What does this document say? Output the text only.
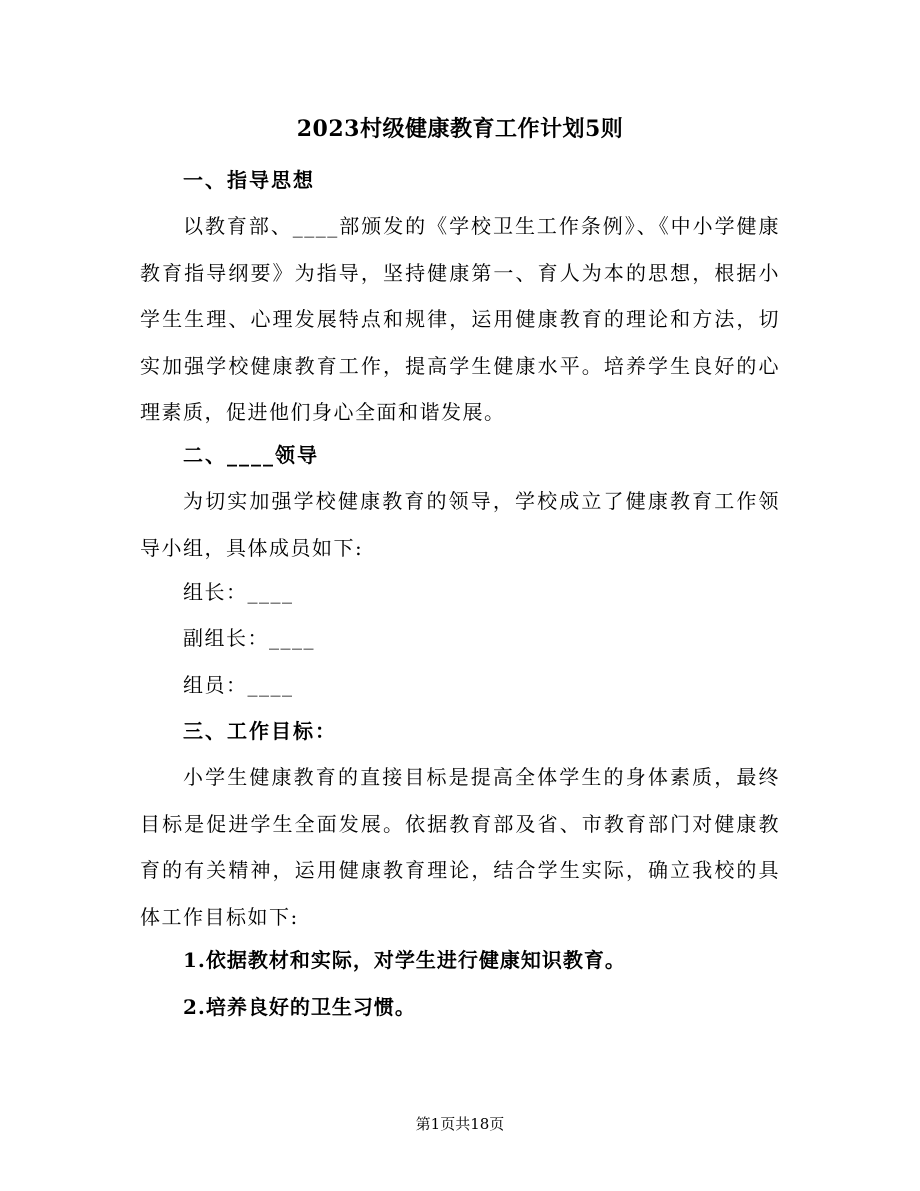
2023村级健康教育工作计划5则
一、指导思想
以教育部、____部颁发的《学校卫生工作条例》、《中小学健康教育指导纲要》为指导，坚持健康第一、育人为本的思想，根据小学生生理、心理发展特点和规律，运用健康教育的理论和方法，切实加强学校健康教育工作，提高学生健康水平。培养学生良好的心理素质，促进他们身心全面和谐发展。
二、____领导
为切实加强学校健康教育的领导，学校成立了健康教育工作领导小组，具体成员如下:
组长：____
副组长：____
组员：____
三、工作目标：
小学生健康教育的直接目标是提高全体学生的身体素质，最终目标是促进学生全面发展。依据教育部及省、市教育部门对健康教育的有关精神，运用健康教育理论，结合学生实际，确立我校的具体工作目标如下:
1.依据教材和实际，对学生进行健康知识教育。
2.培养良好的卫生习惯。
第1页共18页
